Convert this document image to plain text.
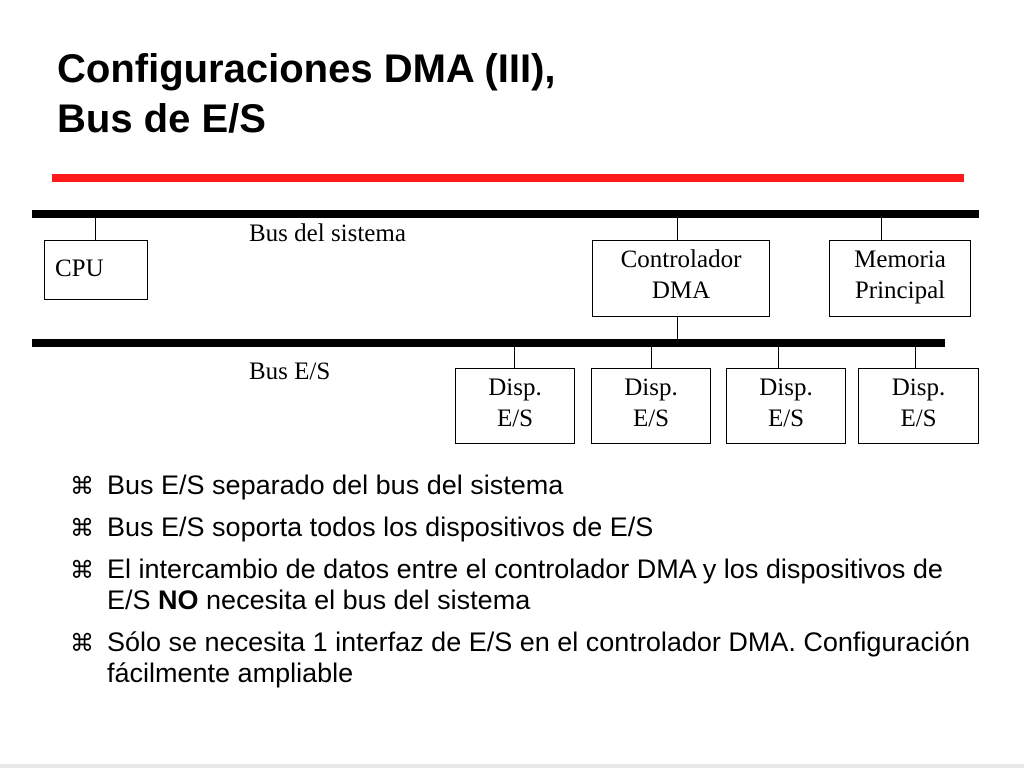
Configuraciones DMA (III),
Bus de E/S
Bus del sistema
CPU	Controlador
DMA
Memoria
Principal
Bus E/S
Disp.
E/S
Disp.
E/S
Disp.
E/S
Disp.
E/S
⌘ Bus E/S separado del bus del sistema
⌘ Bus E/S soporta todos los dispositivos de E/S
⌘ El intercambio de datos entre el controlador DMA y los dispositivos de E/S NO necesita el bus del sistema
⌘ Sólo se necesita 1 interfaz de E/S en el controlador DMA. Configuración fácilmente ampliable
